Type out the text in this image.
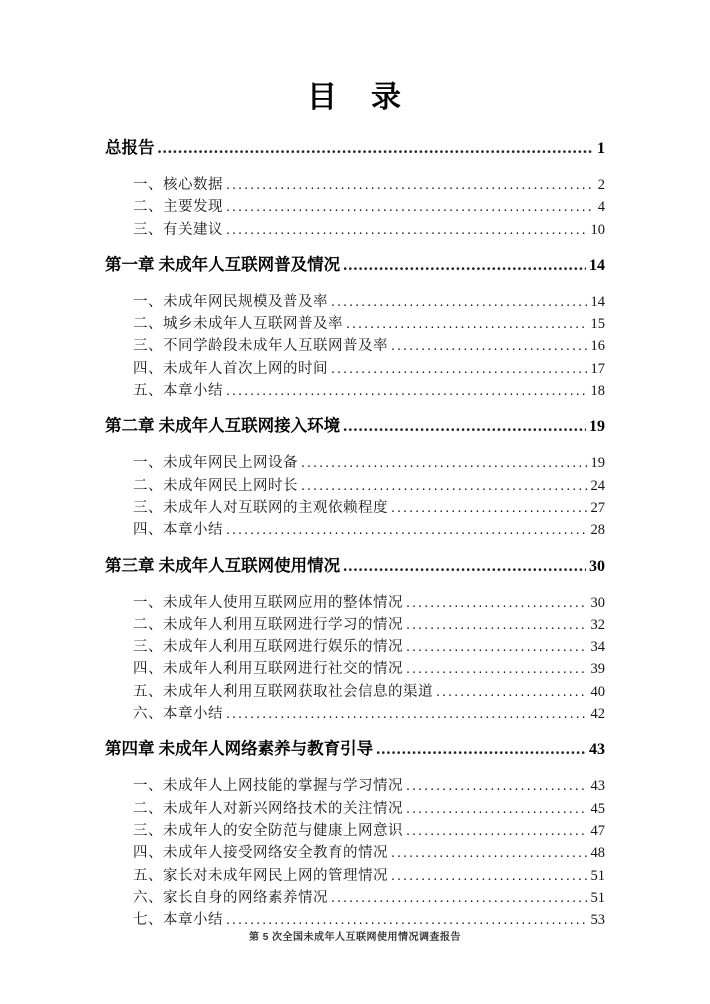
目　录
总报告 .....	1
一、核心数据 .....	2
二、主要发现 .....	4
三、有关建议 .....	10
第一章 未成年人互联网普及情况 .....	14
一、未成年网民规模及普及率 .....	14
二、城乡未成年人互联网普及率 .....	15
三、不同学龄段未成年人互联网普及率 .....	16
四、未成年人首次上网的时间 .....	17
五、本章小结 .....	18
第二章 未成年人互联网接入环境 .....	19
一、未成年网民上网设备 .....	19
二、未成年网民上网时长 .....	24
三、未成年人对互联网的主观依赖程度 .....	27
四、本章小结 .....	28
第三章 未成年人互联网使用情况 .....	30
一、未成年人使用互联网应用的整体情况 .....	30
二、未成年人利用互联网进行学习的情况 .....	32
三、未成年人利用互联网进行娱乐的情况 .....	34
四、未成年人利用互联网进行社交的情况 .....	39
五、未成年人利用互联网获取社会信息的渠道 .....	40
六、本章小结 .....	42
第四章 未成年人网络素养与教育引导 .....	43
一、未成年人上网技能的掌握与学习情况 .....	43
二、未成年人对新兴网络技术的关注情况 .....	45
三、未成年人的安全防范与健康上网意识 .....	47
四、未成年人接受网络安全教育的情况 .....	48
五、家长对未成年网民上网的管理情况 .....	51
六、家长自身的网络素养情况 .....	51
七、本章小结 .....	53
第 5 次全国未成年人互联网使用情况调查报告
